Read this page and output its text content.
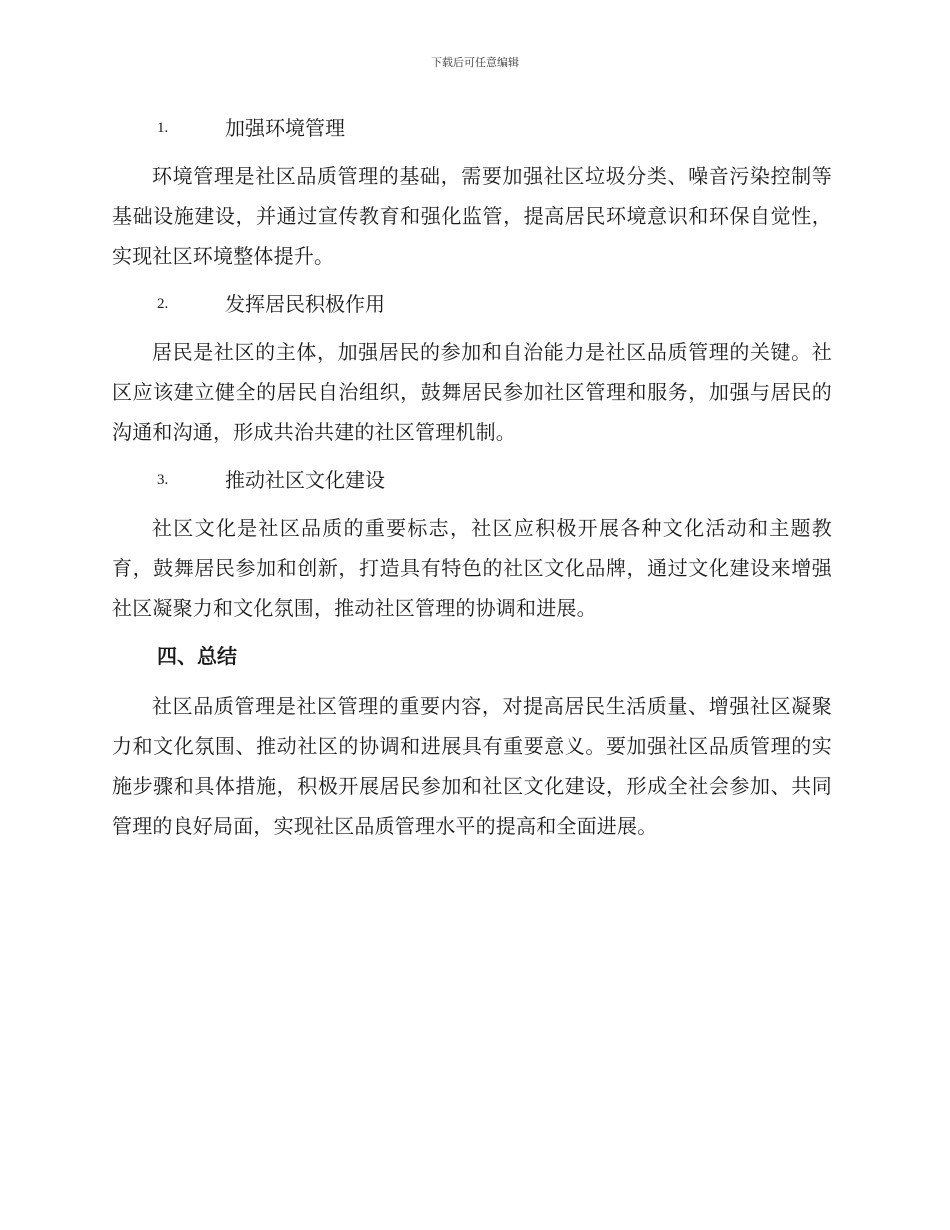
下载后可任意编辑
1.	加强环境管理

环境管理是社区品质管理的基础，需要加强社区垃圾分类、噪音污染控制等基础设施建设，并通过宣传教育和强化监管，提高居民环境意识和环保自觉性，实现社区环境整体提升。

2.	发挥居民积极作用

居民是社区的主体，加强居民的参加和自治能力是社区品质管理的关键。社区应该建立健全的居民自治组织，鼓舞居民参加社区管理和服务，加强与居民的沟通和沟通，形成共治共建的社区管理机制。

3.	推动社区文化建设

社区文化是社区品质的重要标志，社区应积极开展各种文化活动和主题教育，鼓舞居民参加和创新，打造具有特色的社区文化品牌，通过文化建设来增强社区凝聚力和文化氛围，推动社区管理的协调和进展。

四、总结

社区品质管理是社区管理的重要内容，对提高居民生活质量、增强社区凝聚力和文化氛围、推动社区的协调和进展具有重要意义。要加强社区品质管理的实施步骤和具体措施，积极开展居民参加和社区文化建设，形成全社会参加、共同管理的良好局面，实现社区品质管理水平的提高和全面进展。
